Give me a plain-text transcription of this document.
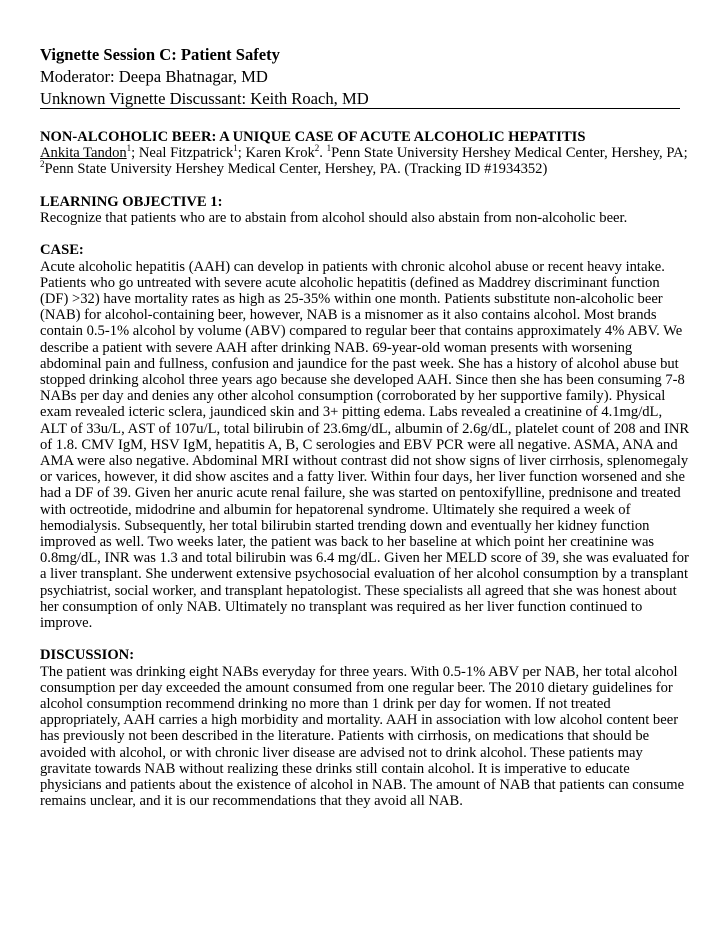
Vignette Session C: Patient Safety
Moderator: Deepa Bhatnagar, MD
Unknown Vignette Discussant: Keith Roach, MD

NON-ALCOHOLIC BEER: A UNIQUE CASE OF ACUTE ALCOHOLIC HEPATITIS

Ankita Tandon$^1$; Neal Fitzpatrick$^1$; Karen Krok$^2$. $^1$Penn State University Hershey Medical Center, Hershey, PA; $^2$Penn State University Hershey Medical Center, Hershey, PA. (Tracking ID #1934352)

LEARNING OBJECTIVE 1:

Recognize that patients who are to abstain from alcohol should also abstain from non-alcoholic beer.

CASE:

Acute alcoholic hepatitis (AAH) can develop in patients with chronic alcohol abuse or recent heavy intake. Patients who go untreated with severe acute alcoholic hepatitis (defined as Maddrey discriminant function (DF) >32) have mortality rates as high as 25-35% within one month. Patients substitute non-alcoholic beer (NAB) for alcohol-containing beer, however, NAB is a misnomer as it also contains alcohol. Most brands contain 0.5-1% alcohol by volume (ABV) compared to regular beer that contains approximately 4% ABV. We describe a patient with severe AAH after drinking NAB. 69-year-old woman presents with worsening abdominal pain and fullness, confusion and jaundice for the past week. She has a history of alcohol abuse but stopped drinking alcohol three years ago because she developed AAH. Since then she has been consuming 7-8 NABs per day and denies any other alcohol consumption (corroborated by her supportive family). Physical exam revealed icteric sclera, jaundiced skin and 3+ pitting edema. Labs revealed a creatinine of 4.1mg/dL, ALT of 33u/L, AST of 107u/L, total bilirubin of 23.6mg/dL, albumin of 2.6g/dL, platelet count of 208 and INR of 1.8. CMV IgM, HSV IgM, hepatitis A, B, C serologies and EBV PCR were all negative. ASMA, ANA and AMA were also negative. Abdominal MRI without contrast did not show signs of liver cirrhosis, splenomegaly or varices, however, it did show ascites and a fatty liver. Within four days, her liver function worsened and she had a DF of 39. Given her anuric acute renal failure, she was started on pentoxifylline, prednisone and treated with octreotide, midodrine and albumin for hepatorenal syndrome. Ultimately she required a week of hemodialysis. Subsequently, her total bilirubin started trending down and eventually her kidney function improved as well. Two weeks later, the patient was back to her baseline at which point her creatinine was 0.8mg/dL, INR was 1.3 and total bilirubin was 6.4 mg/dL. Given her MELD score of 39, she was evaluated for a liver transplant. She underwent extensive psychosocial evaluation of her alcohol consumption by a transplant psychiatrist, social worker, and transplant hepatologist. These specialists all agreed that she was honest about her consumption of only NAB. Ultimately no transplant was required as her liver function continued to improve.

DISCUSSION:

The patient was drinking eight NABs everyday for three years. With 0.5-1% ABV per NAB, her total alcohol consumption per day exceeded the amount consumed from one regular beer. The 2010 dietary guidelines for alcohol consumption recommend drinking no more than 1 drink per day for women. If not treated appropriately, AAH carries a high morbidity and mortality. AAH in association with low alcohol content beer has previously not been described in the literature. Patients with cirrhosis, on medications that should be avoided with alcohol, or with chronic liver disease are advised not to drink alcohol. These patients may gravitate towards NAB without realizing these drinks still contain alcohol. It is imperative to educate physicians and patients about the existence of alcohol in NAB. The amount of NAB that patients can consume remains unclear, and it is our recommendations that they avoid all NAB.
